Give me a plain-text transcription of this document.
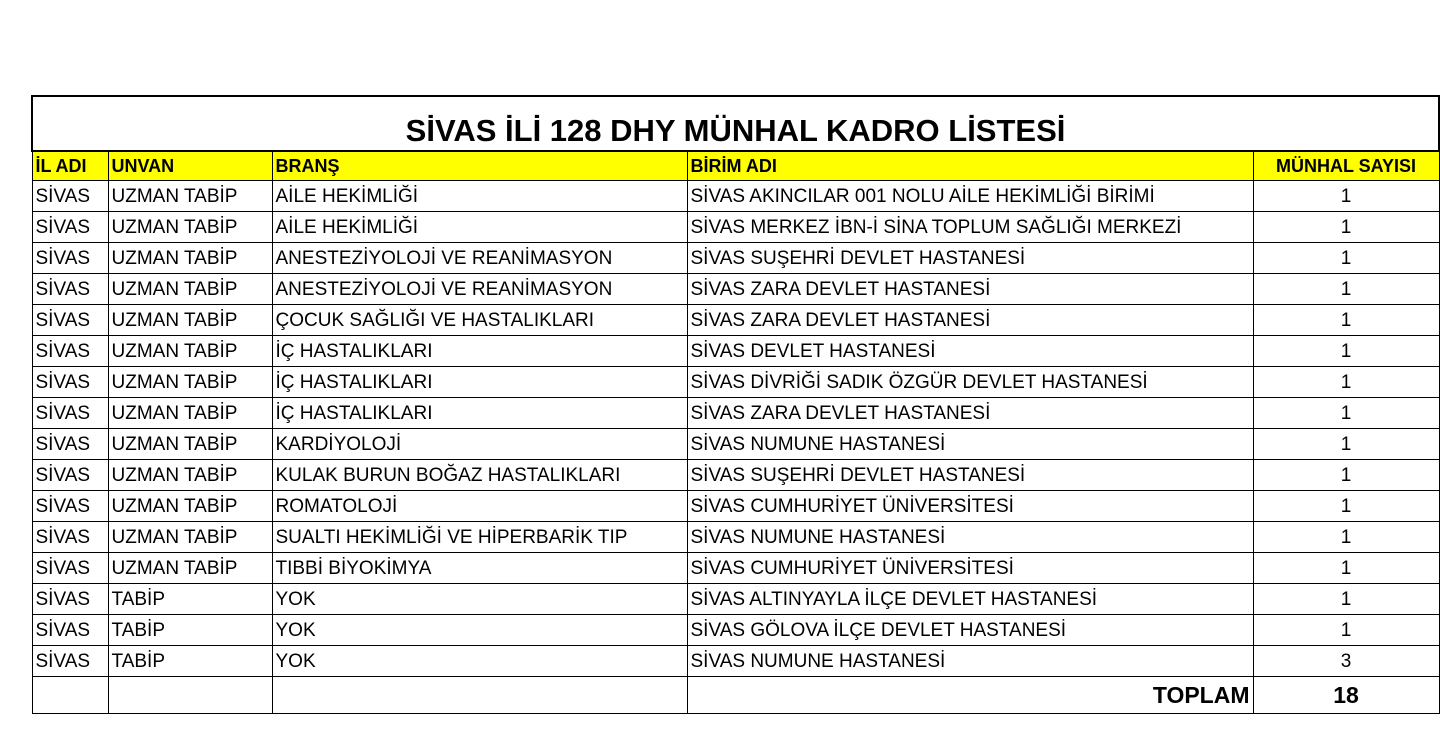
SİVAS İLİ 128 DHY MÜNHAL KADRO LİSTESİ				
İL ADI	UNVAN	BRANŞ	BİRİM ADI	MÜNHAL SAYISI
SİVAS	UZMAN TABİP	AİLE HEKİMLİĞİ	SİVAS AKINCILAR 001 NOLU AİLE HEKİMLİĞİ BİRİMİ	1
SİVAS	UZMAN TABİP	AİLE HEKİMLİĞİ	SİVAS MERKEZ İBN-İ SİNA TOPLUM SAĞLIĞI MERKEZİ	1
SİVAS	UZMAN TABİP	ANESTEZİYOLOJİ VE REANİMASYON	SİVAS SUŞEHRİ DEVLET HASTANESİ	1
SİVAS	UZMAN TABİP	ANESTEZİYOLOJİ VE REANİMASYON	SİVAS ZARA DEVLET HASTANESİ	1
SİVAS	UZMAN TABİP	ÇOCUK SAĞLIĞI VE HASTALIKLARI	SİVAS ZARA DEVLET HASTANESİ	1
SİVAS	UZMAN TABİP	İÇ HASTALIKLARI	SİVAS DEVLET HASTANESİ	1
SİVAS	UZMAN TABİP	İÇ HASTALIKLARI	SİVAS DİVRİĞİ SADIK ÖZGÜR DEVLET HASTANESİ	1
SİVAS	UZMAN TABİP	İÇ HASTALIKLARI	SİVAS ZARA DEVLET HASTANESİ	1
SİVAS	UZMAN TABİP	KARDİYOLOJİ	SİVAS NUMUNE HASTANESİ	1
SİVAS	UZMAN TABİP	KULAK BURUN BOĞAZ HASTALIKLARI	SİVAS SUŞEHRİ DEVLET HASTANESİ	1
SİVAS	UZMAN TABİP	ROMATOLOJİ	SİVAS CUMHURİYET ÜNİVERSİTESİ	1
SİVAS	UZMAN TABİP	SUALTI HEKİMLİĞİ VE HİPERBARİK TIP	SİVAS NUMUNE HASTANESİ	1
SİVAS	UZMAN TABİP	TIBBİ BİYOKİMYA	SİVAS CUMHURİYET ÜNİVERSİTESİ	1
SİVAS	TABİP	YOK	SİVAS ALTINYAYLA İLÇE DEVLET HASTANESİ	1
SİVAS	TABİP	YOK	SİVAS GÖLOVA İLÇE DEVLET HASTANESİ	1
SİVAS	TABİP	YOK	SİVAS NUMUNE HASTANESİ	3
			TOPLAM	18
